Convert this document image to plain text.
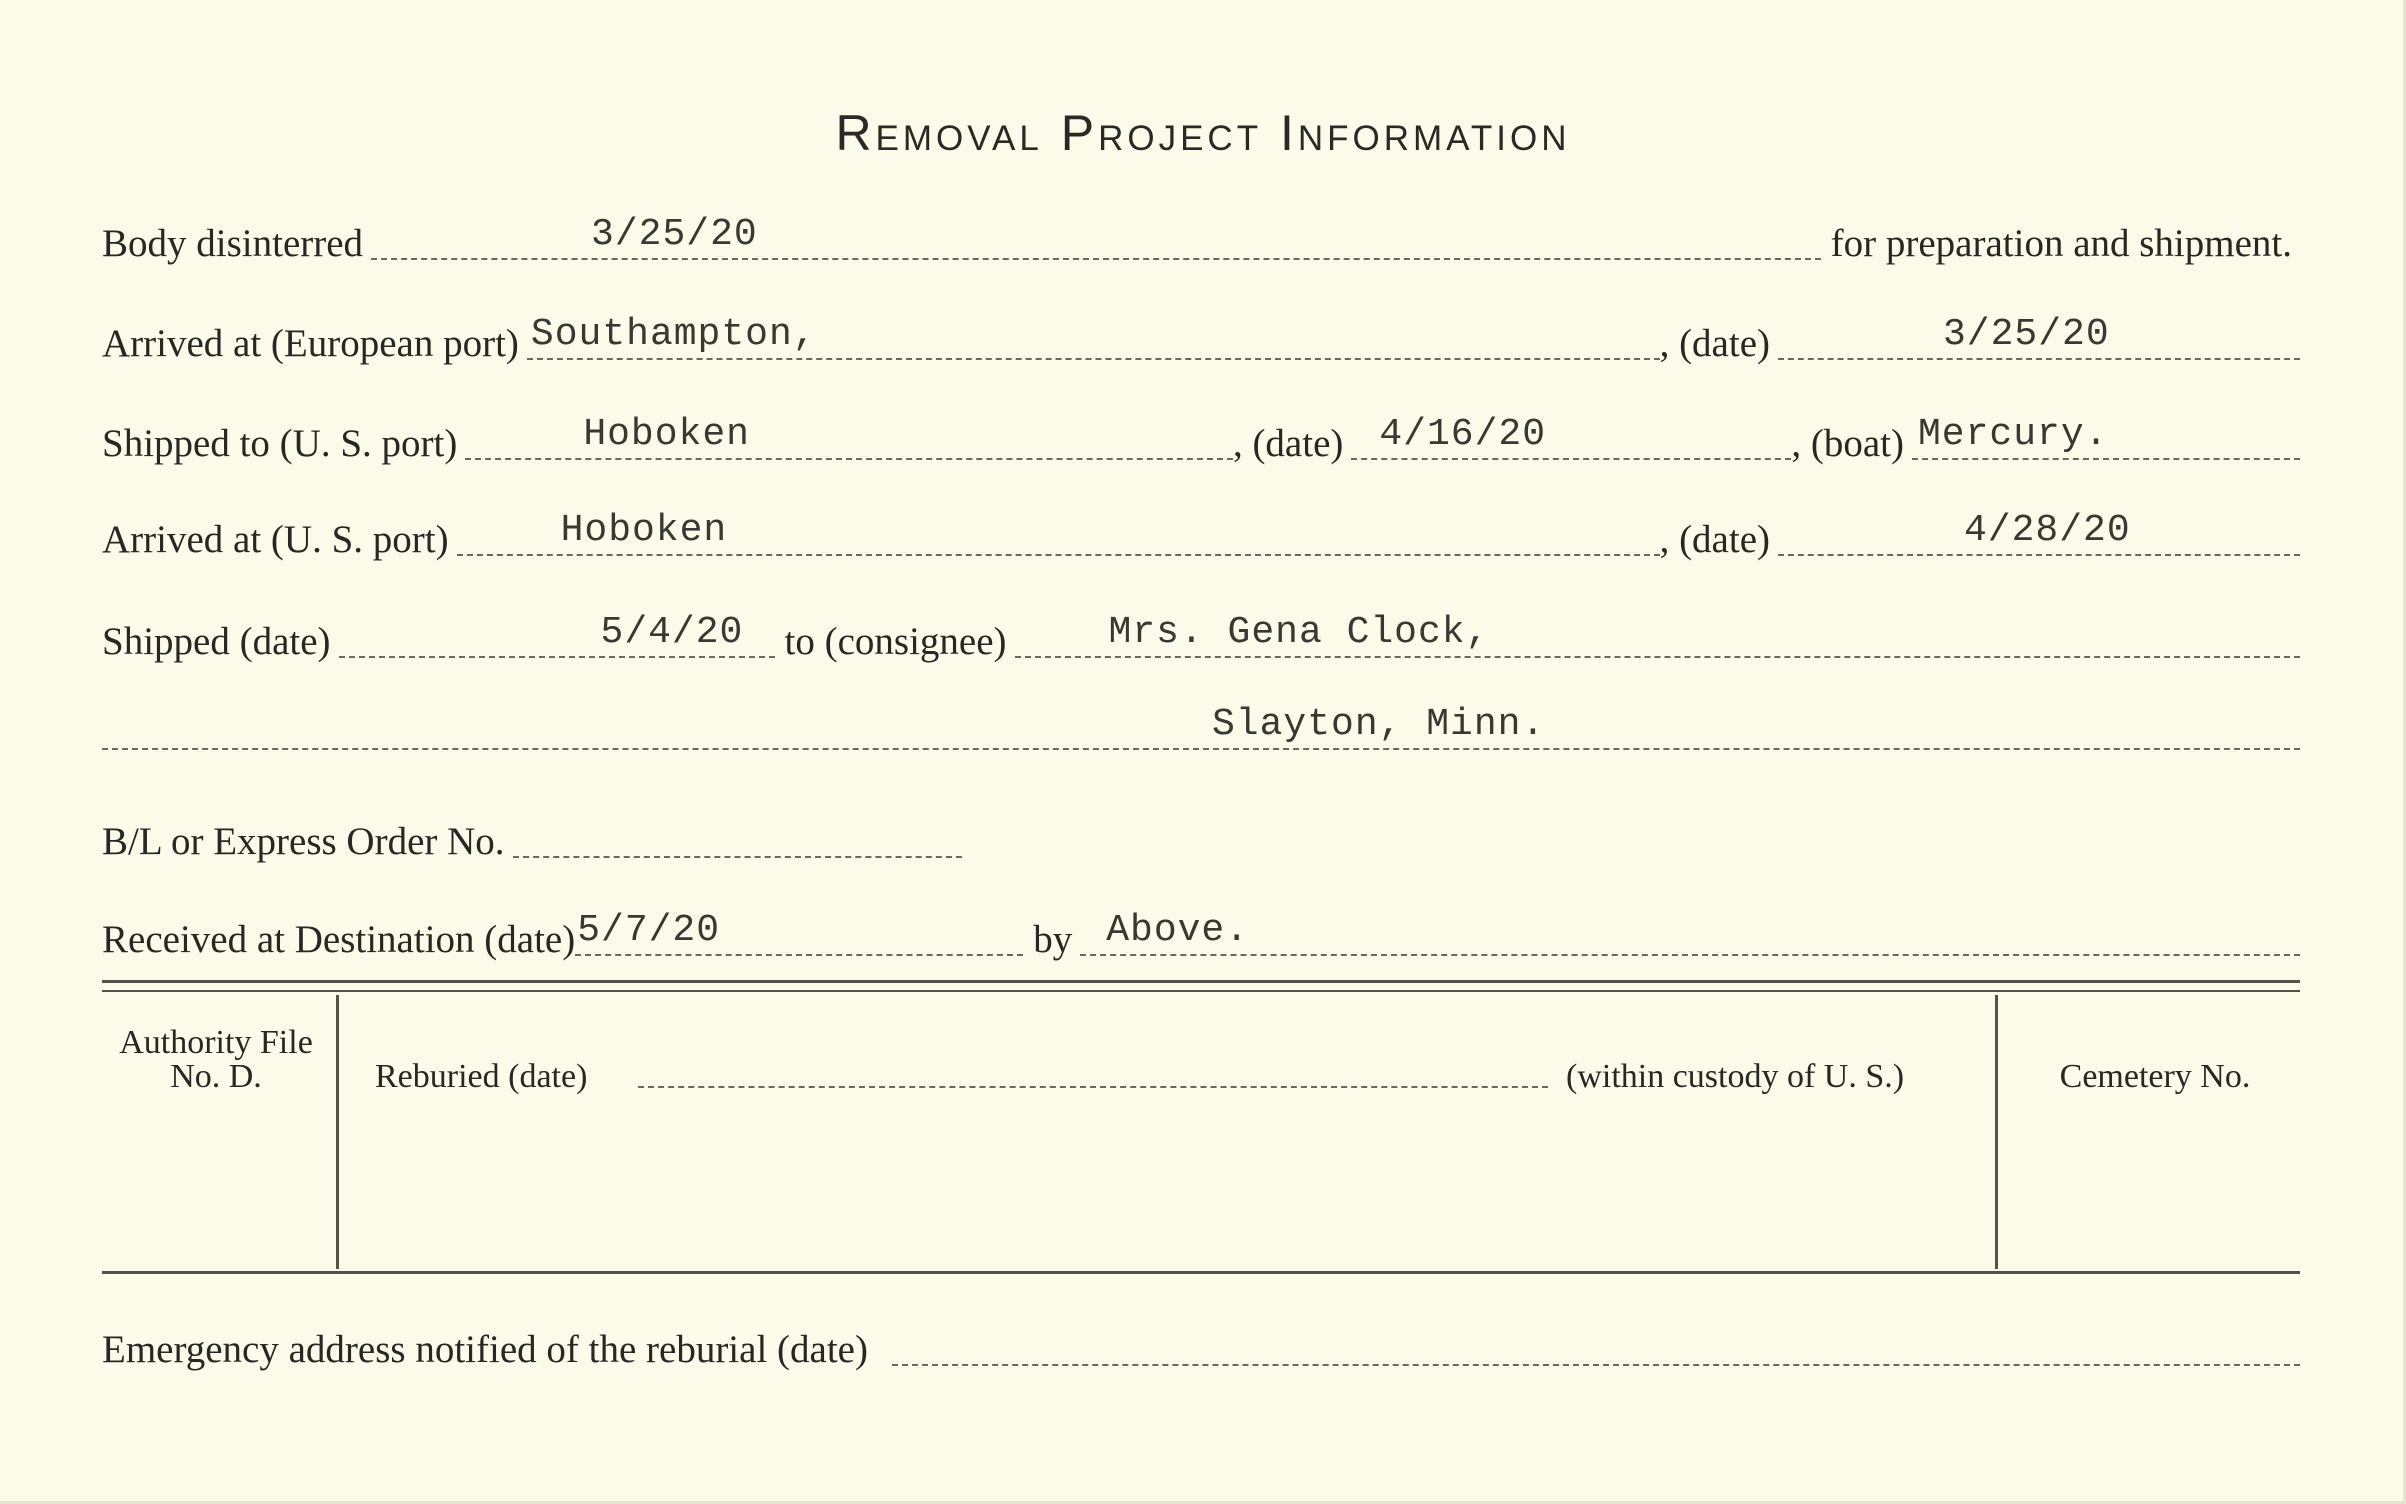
Removal Project Information
Body disinterred	3/25/20	for preparation and shipment.
Arrived at (European port) Southampton,	, (date)	3/25/20
Shipped to (U. S. port)	Hoboken	, (date) 4/16/20	, (boat) Mercury.
Arrived at (U. S. port)	Hoboken	, (date)	4/28/20
Shipped (date)	5/4/20 to (consignee)	Mrs. Gena Clock,
Slayton, Minn.
B/L or Express Order No.
Received at Destination (date) 5/7/20	by Above.
Authority File No. D.	Reburied (date)	(within custody of U. S.)	Cemetery No.
Emergency address notified of the reburial (date)
